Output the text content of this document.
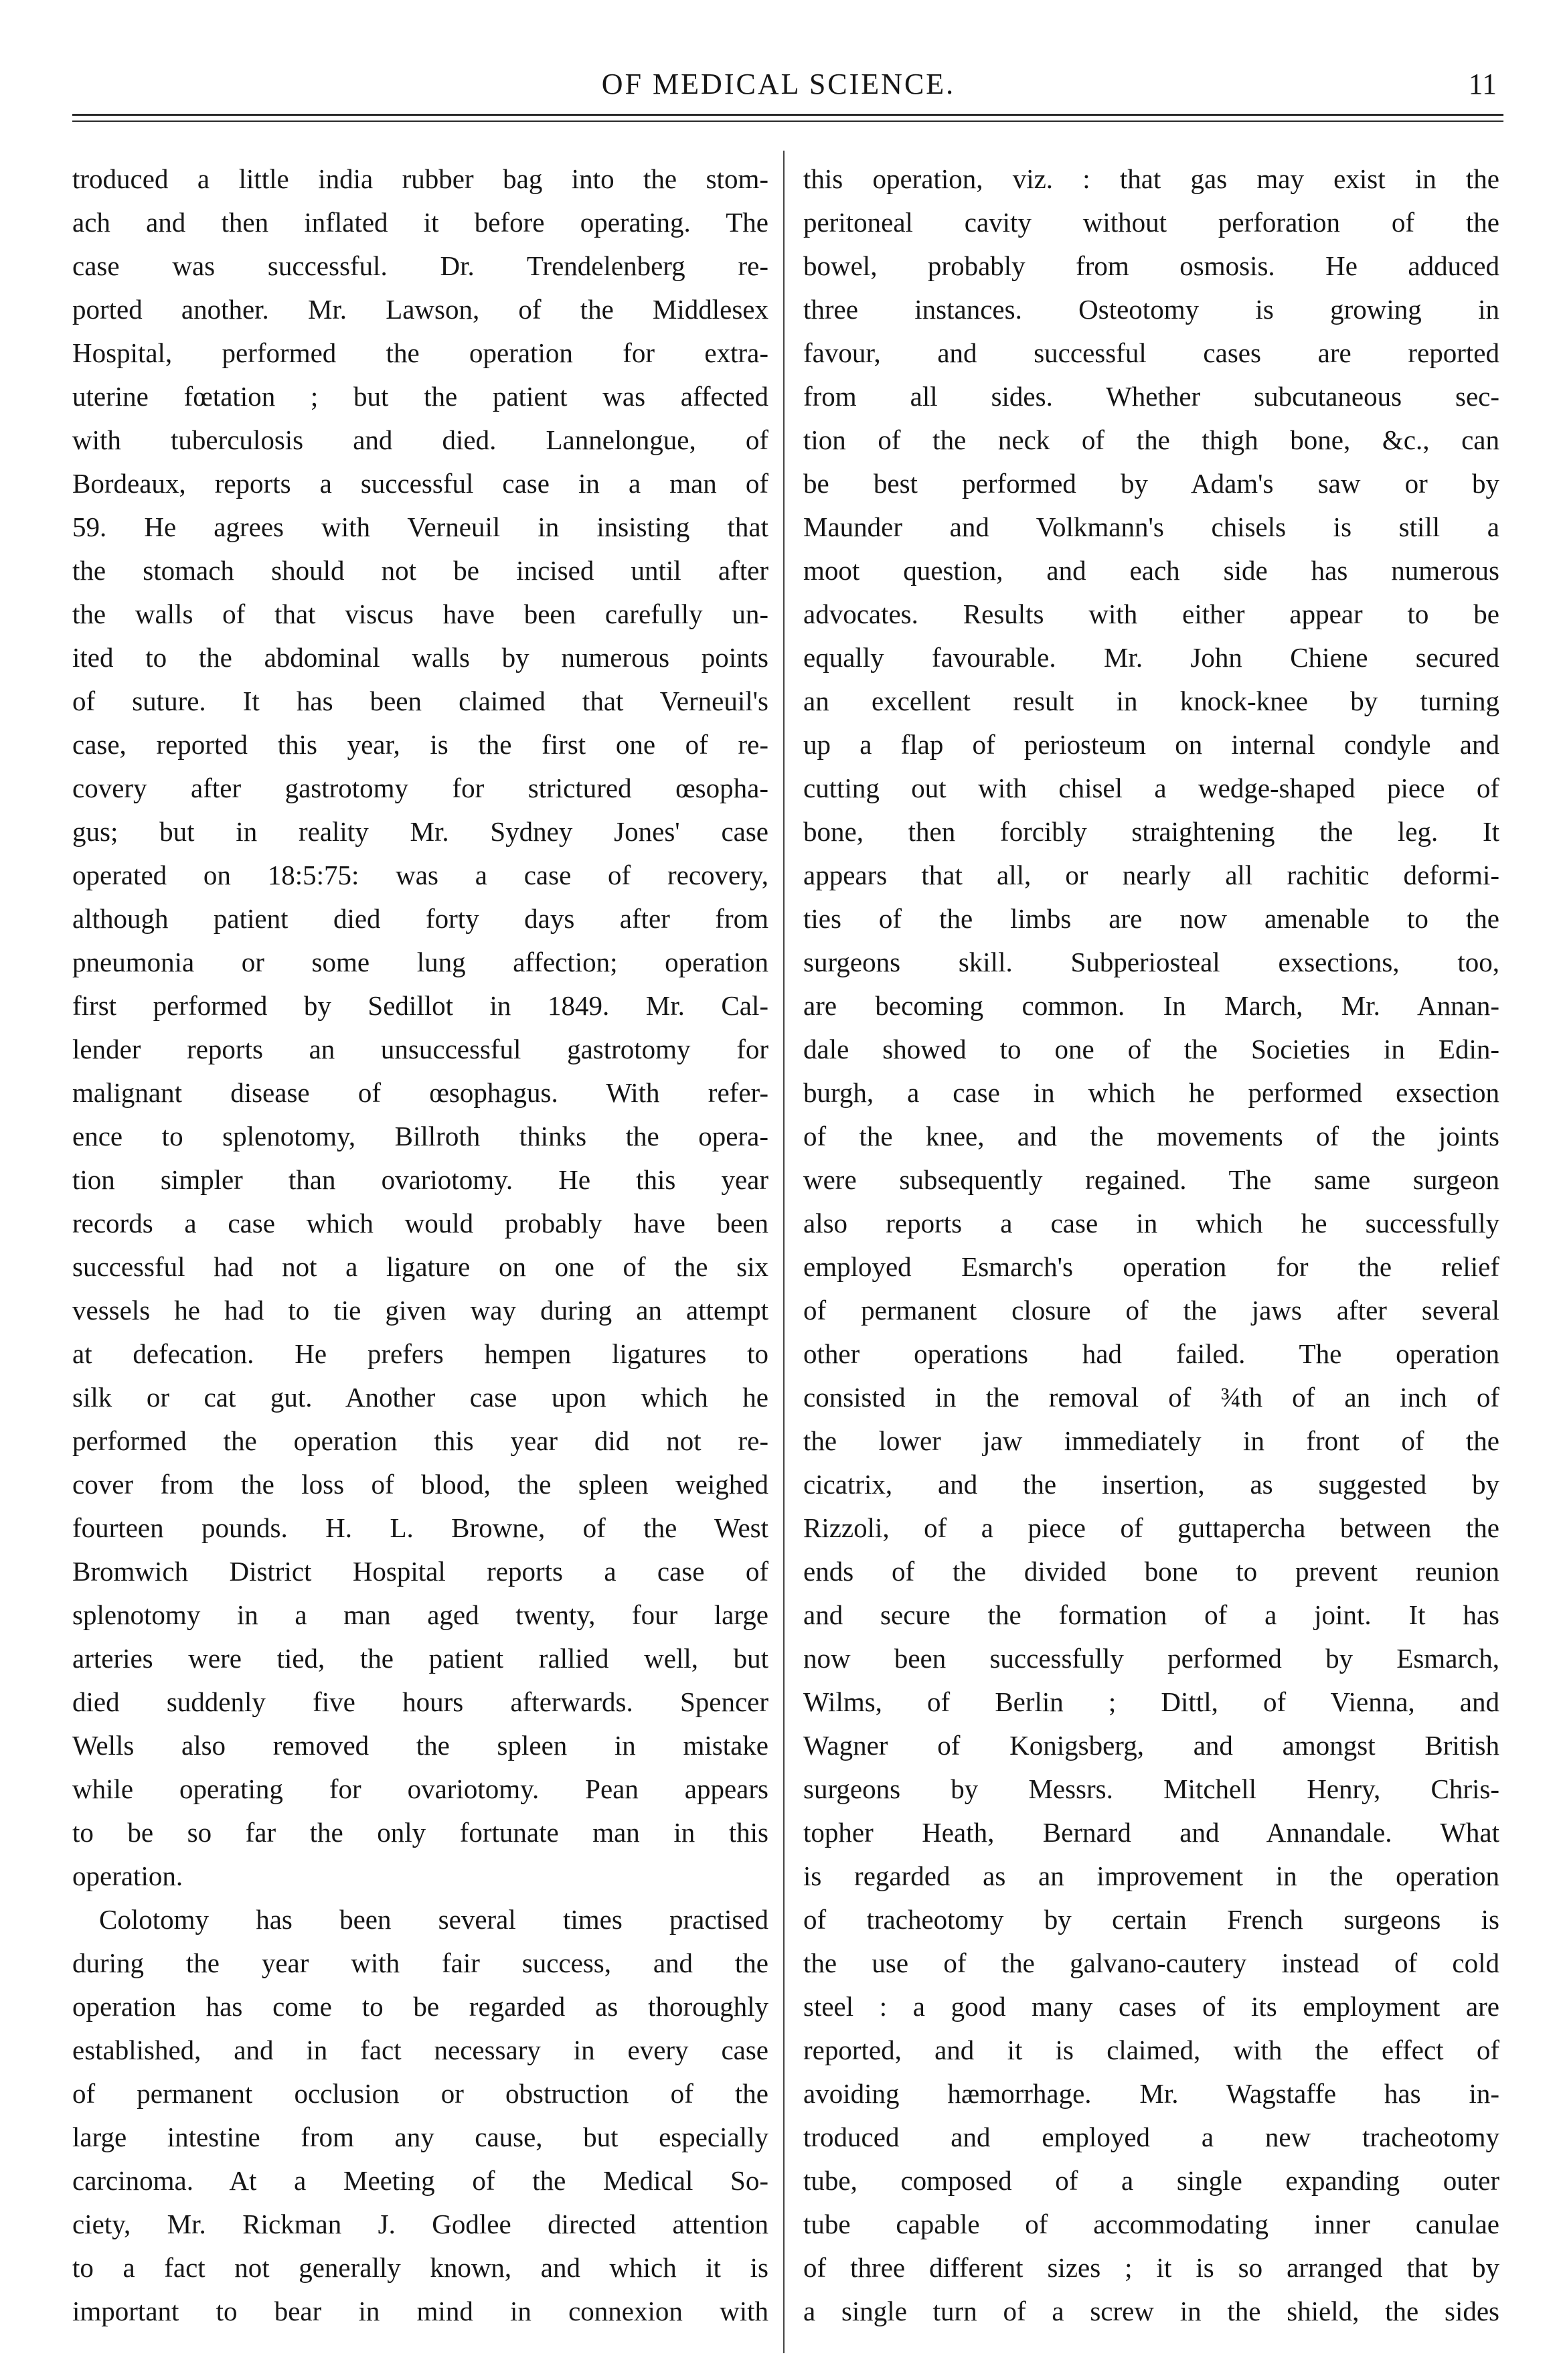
OF MEDICAL SCIENCE.	11
troduced a little india rubber bag into the stom-
ach and then inflated it before operating. The
case was successful. Dr. Trendelenberg re-
ported another. Mr. Lawson, of the Middlesex
Hospital, performed the operation for extra-
uterine fœtation ; but the patient was affected
with tuberculosis and died. Lannelongue, of
Bordeaux, reports a successful case in a man of
59. He agrees with Verneuil in insisting that
the stomach should not be incised until after
the walls of that viscus have been carefully un-
ited to the abdominal walls by numerous points
of suture. It has been claimed that Verneuil's
case, reported this year, is the first one of re-
covery after gastrotomy for strictured œsopha-
gus; but in reality Mr. Sydney Jones' case
operated on 18:5:75: was a case of recovery,
although patient died forty days after from
pneumonia or some lung affection; operation
first performed by Sedillot in 1849. Mr. Cal-
lender reports an unsuccessful gastrotomy for
malignant disease of œsophagus. With refer-
ence to splenotomy, Billroth thinks the opera-
tion simpler than ovariotomy. He this year
records a case which would probably have been
successful had not a ligature on one of the six
vessels he had to tie given way during an attempt
at defecation. He prefers hempen ligatures to
silk or cat gut. Another case upon which he
performed the operation this year did not re-
cover from the loss of blood, the spleen weighed
fourteen pounds. H. L. Browne, of the West
Bromwich District Hospital reports a case of
splenotomy in a man aged twenty, four large
arteries were tied, the patient rallied well, but
died suddenly five hours afterwards. Spencer
Wells also removed the spleen in mistake
while operating for ovariotomy. Pean appears
to be so far the only fortunate man in this
operation.
Colotomy has been several times practised
during the year with fair success, and the
operation has come to be regarded as thoroughly
established, and in fact necessary in every case
of permanent occlusion or obstruction of the
large intestine from any cause, but especially
carcinoma. At a Meeting of the Medical So-
ciety, Mr. Rickman J. Godlee directed attention
to a fact not generally known, and which it is
important to bear in mind in connexion with
this operation, viz. : that gas may exist in the
peritoneal cavity without perforation of the
bowel, probably from osmosis. He adduced
three instances. Osteotomy is growing in
favour, and successful cases are reported
from all sides. Whether subcutaneous sec-
tion of the neck of the thigh bone, &c., can
be best performed by Adam's saw or by
Maunder and Volkmann's chisels is still a
moot question, and each side has numerous
advocates. Results with either appear to be
equally favourable. Mr. John Chiene secured
an excellent result in knock-knee by turning
up a flap of periosteum on internal condyle and
cutting out with chisel a wedge-shaped piece of
bone, then forcibly straightening the leg. It
appears that all, or nearly all rachitic deformi-
ties of the limbs are now amenable to the
surgeons skill. Subperiosteal exsections, too,
are becoming common. In March, Mr. Annan-
dale showed to one of the Societies in Edin-
burgh, a case in which he performed exsection
of the knee, and the movements of the joints
were subsequently regained. The same surgeon
also reports a case in which he successfully
employed Esmarch's operation for the relief
of permanent closure of the jaws after several
other operations had failed. The operation
consisted in the removal of ¾th of an inch of
the lower jaw immediately in front of the
cicatrix, and the insertion, as suggested by
Rizzoli, of a piece of guttapercha between the
ends of the divided bone to prevent reunion
and secure the formation of a joint. It has
now been successfully performed by Esmarch,
Wilms, of Berlin ; Dittl, of Vienna, and
Wagner of Konigsberg, and amongst British
surgeons by Messrs. Mitchell Henry, Chris-
topher Heath, Bernard and Annandale. What
is regarded as an improvement in the operation
of tracheotomy by certain French surgeons is
the use of the galvano-cautery instead of cold
steel : a good many cases of its employment are
reported, and it is claimed, with the effect of
avoiding hæmorrhage. Mr. Wagstaffe has in-
troduced and employed a new tracheotomy
tube, composed of a single expanding outer
tube capable of accommodating inner canulae
of three different sizes ; it is so arranged that by
a single turn of a screw in the shield, the sides
